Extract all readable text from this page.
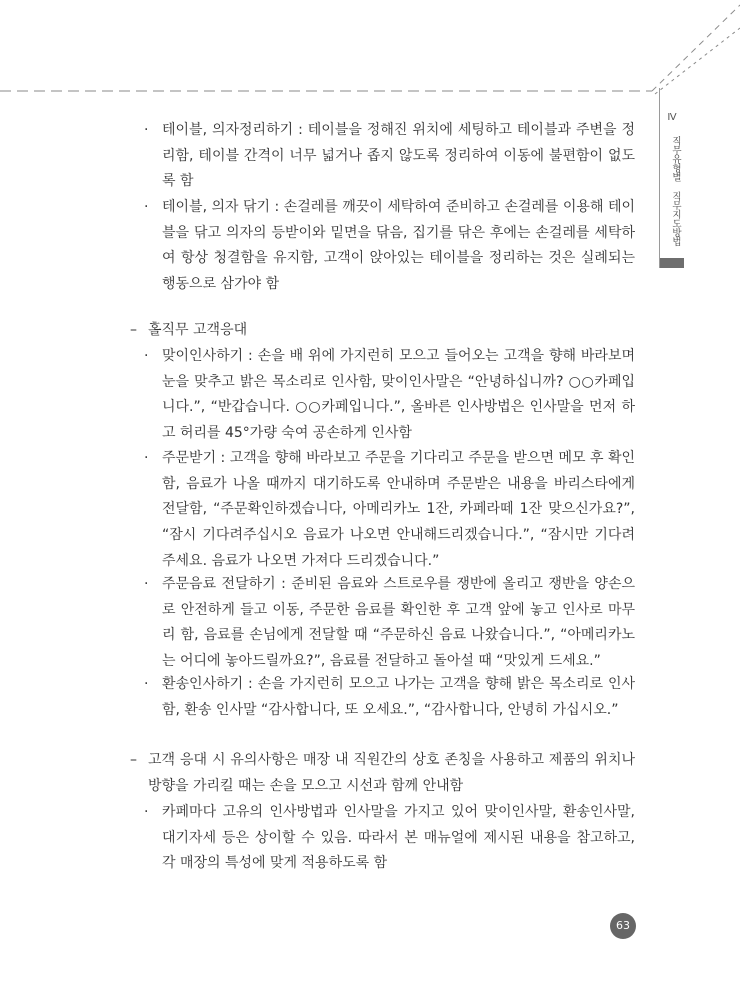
Ⅳ
직무유형별 직무지도방법
· 테이블, 의자정리하기 : 테이블을 정해진 위치에 세팅하고 테이블과 주변을 정리함, 테이블 간격이 너무 넓거나 좁지 않도록 정리하여 이동에 불편함이 없도록 함
· 테이블, 의자 닦기 : 손걸레를 깨끗이 세탁하여 준비하고 손걸레를 이용해 테이블을 닦고 의자의 등받이와 밑면을 닦음, 집기를 닦은 후에는 손걸레를 세탁하여 항상 청결함을 유지함, 고객이 앉아있는 테이블을 정리하는 것은 실례되는 행동으로 삼가야 함
– 홀직무 고객응대
· 맞이인사하기 : 손을 배 위에 가지런히 모으고 들어오는 고객을 향해 바라보며 눈을 맞추고 밝은 목소리로 인사함, 맞이인사말은 “안녕하십니까? ○○카페입니다.”, “반갑습니다. ○○카페입니다.”, 올바른 인사방법은 인사말을 먼저 하고 허리를 45°가량 숙여 공손하게 인사함
· 주문받기 : 고객을 향해 바라보고 주문을 기다리고 주문을 받으면 메모 후 확인함, 음료가 나올 때까지 대기하도록 안내하며 주문받은 내용을 바리스타에게 전달함, “주문확인하겠습니다, 아메리카노 1잔, 카페라떼 1잔 맞으신가요?”, “잠시 기다려주십시오 음료가 나오면 안내해드리겠습니다.”, “잠시만 기다려주세요. 음료가 나오면 가져다 드리겠습니다.”
· 주문음료 전달하기 : 준비된 음료와 스트로우를 쟁반에 올리고 쟁반을 양손으로 안전하게 들고 이동, 주문한 음료를 확인한 후 고객 앞에 놓고 인사로 마무리 함, 음료를 손님에게 전달할 때 “주문하신 음료 나왔습니다.”, “아메리카노는 어디에 놓아드릴까요?”, 음료를 전달하고 돌아설 때 “맛있게 드세요.”
· 환송인사하기 : 손을 가지런히 모으고 나가는 고객을 향해 밝은 목소리로 인사함, 환송 인사말 “감사합니다, 또 오세요.”, “감사합니다, 안녕히 가십시오.”
– 고객 응대 시 유의사항은 매장 내 직원간의 상호 존칭을 사용하고 제품의 위치나 방향을 가리킬 때는 손을 모으고 시선과 함께 안내함
· 카페마다 고유의 인사방법과 인사말을 가지고 있어 맞이인사말, 환송인사말, 대기자세 등은 상이할 수 있음. 따라서 본 매뉴얼에 제시된 내용을 참고하고, 각 매장의 특성에 맞게 적용하도록 함
63
